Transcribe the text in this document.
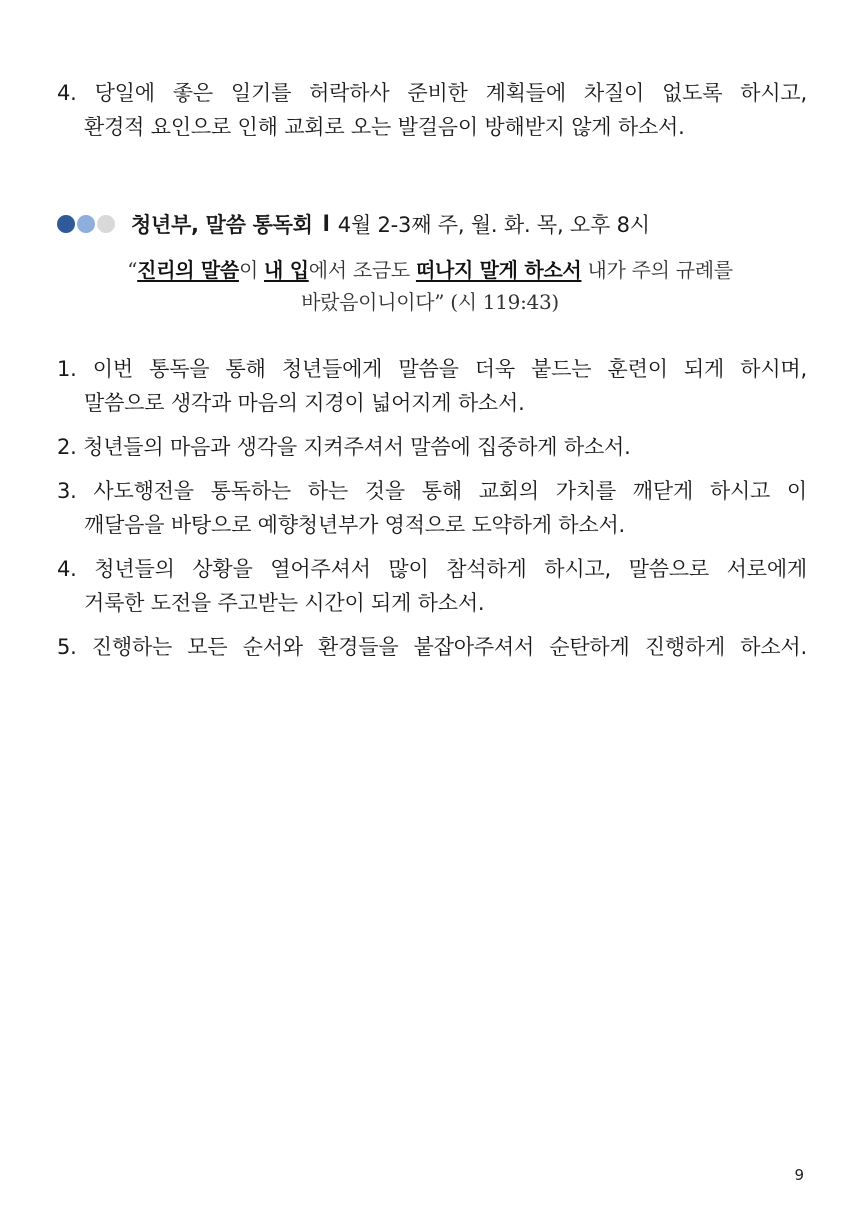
4. 당일에 좋은 일기를 허락하사 준비한 계획들에 차질이 없도록 하시고,
환경적 요인으로 인해 교회로 오는 발걸음이 방해받지 않게 하소서.
청년부, 말씀 통독회 l 4월 2-3째 주, 월. 화. 목, 오후 8시
“진리의 말씀이 내 입에서 조금도 떠나지 말게 하소서 내가 주의 규례를
바랐음이니이다” (시 119:43)
1. 이번 통독을 통해 청년들에게 말씀을 더욱 붙드는 훈련이 되게 하시며,
말씀으로 생각과 마음의 지경이 넓어지게 하소서.
2. 청년들의 마음과 생각을 지켜주셔서 말씀에 집중하게 하소서.
3. 사도행전을 통독하는 하는 것을 통해 교회의 가치를 깨닫게 하시고 이
깨달음을 바탕으로 예향청년부가 영적으로 도약하게 하소서.
4. 청년들의 상황을 열어주셔서 많이 참석하게 하시고, 말씀으로 서로에게
거룩한 도전을 주고받는 시간이 되게 하소서.
5. 진행하는 모든 순서와 환경들을 붙잡아주셔서 순탄하게 진행하게 하소서.
9
